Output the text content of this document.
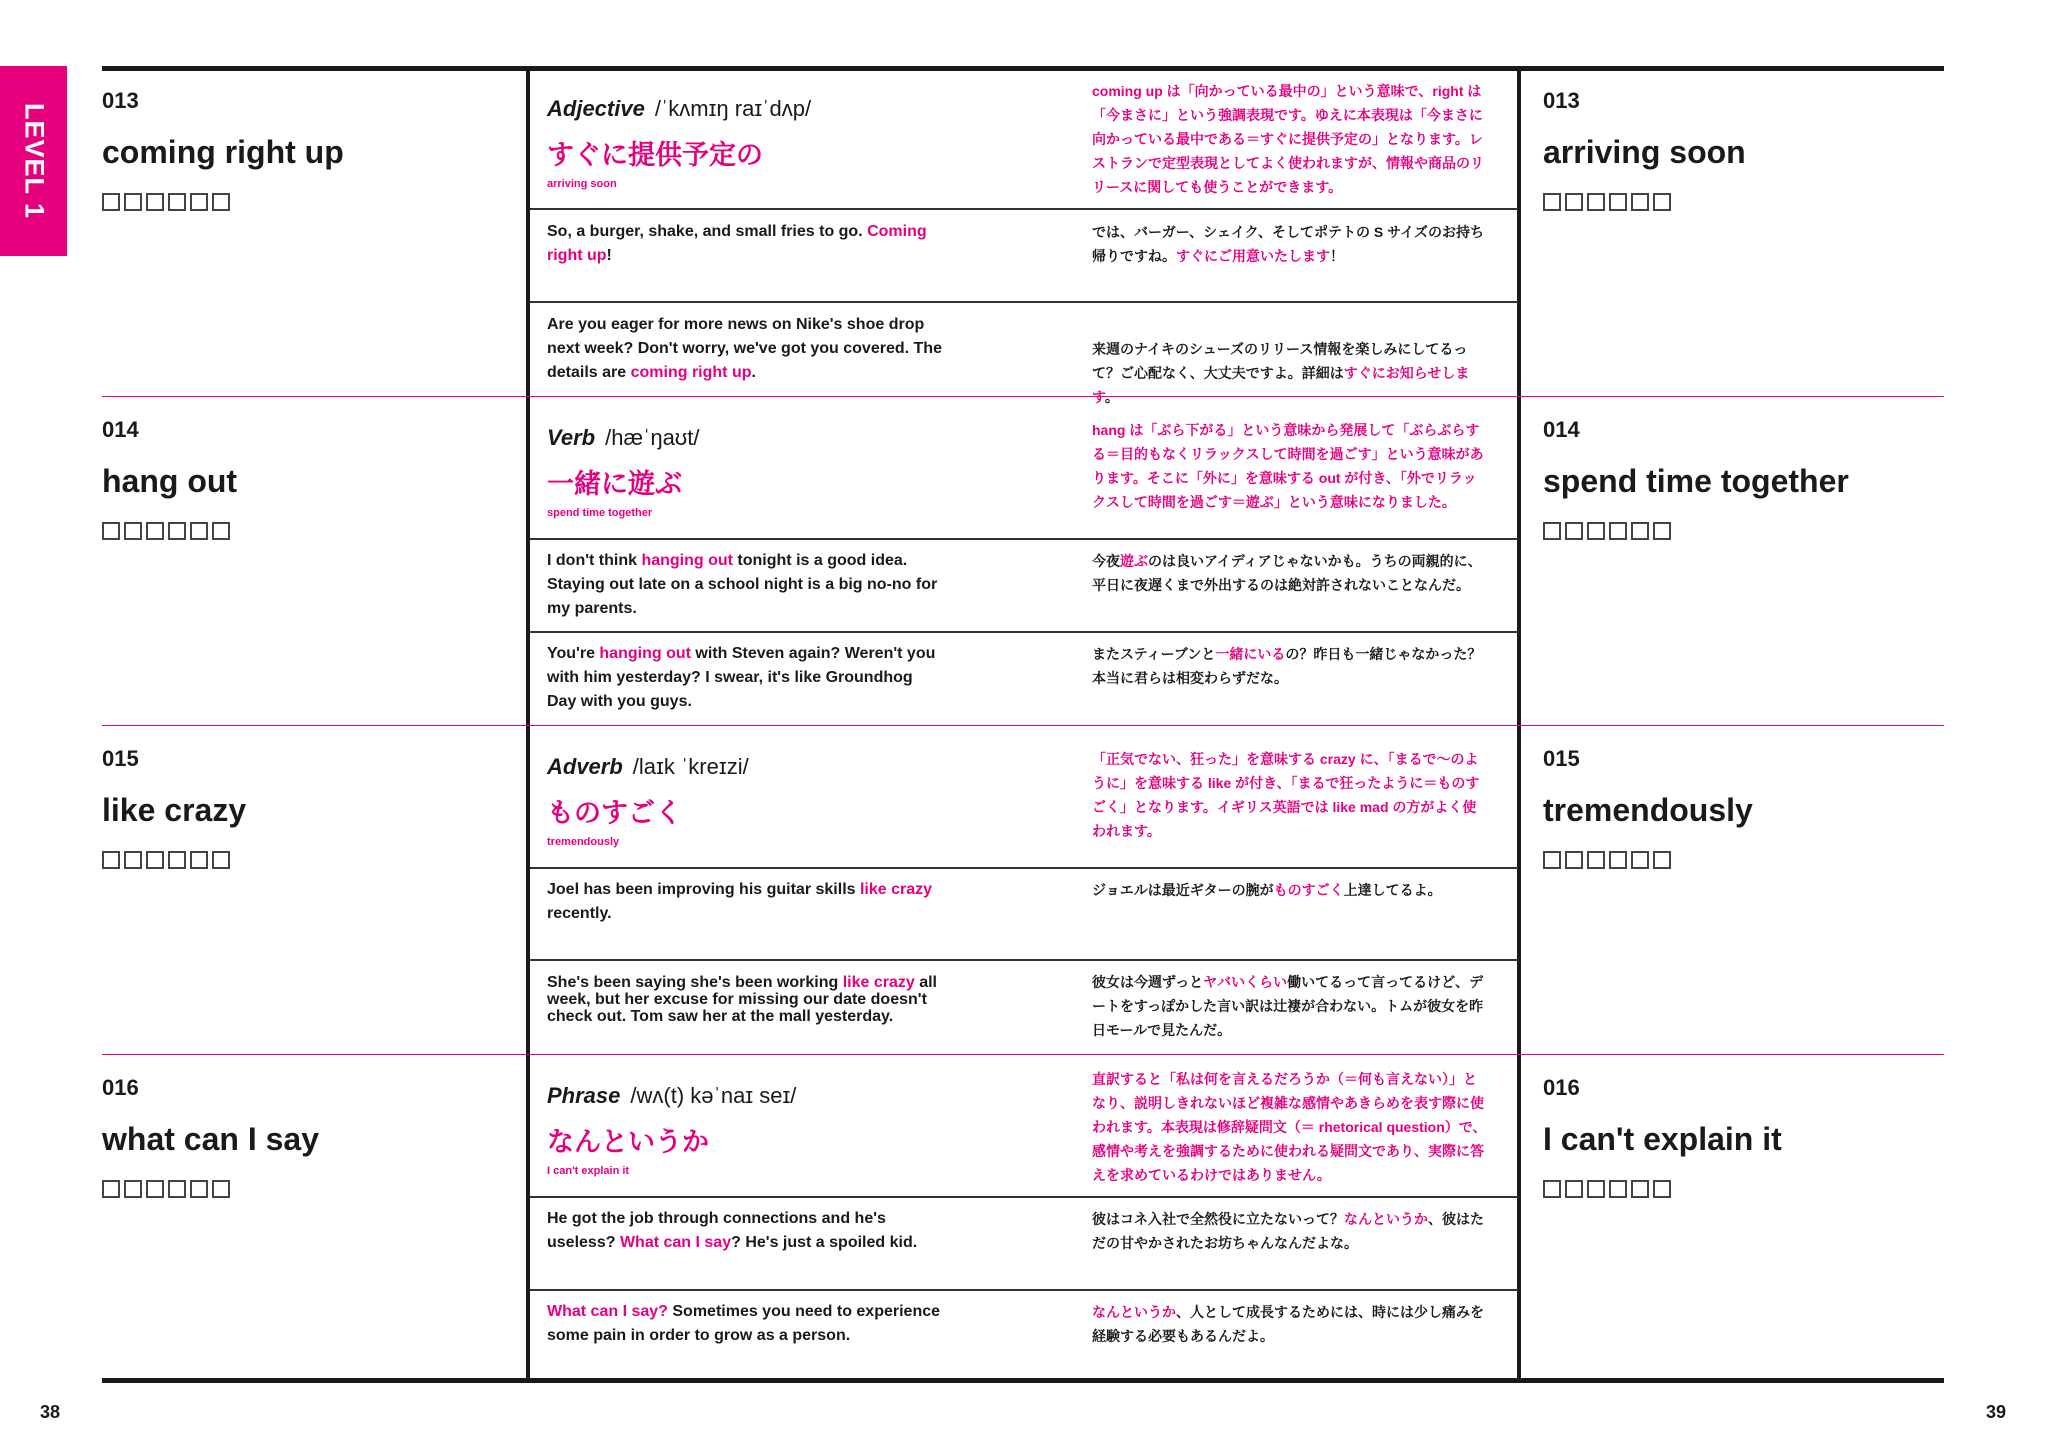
LEVEL 1
38	39
013
coming right up
013
arriving soon
Adjective /ˈkʌmɪŋ raɪˈdʌp/
すぐに提供予定の
arriving soon
coming up は「向かっている最中の」という意味で、right は「今まさに」という強調表現です。ゆえに本表現は「今まさに向かっている最中である＝すぐに提供予定の」となります。レストランで定型表現としてよく使われますが、情報や商品のリリースに関しても使うことができます。
So, a burger, shake, and small fries to go. Coming right up!
では、バーガー、シェイク、そしてポテトの S サイズのお持ち帰りですね。すぐにご用意いたします！
Are you eager for more news on Nike's shoe drop next week? Don't worry, we've got you covered. The details are coming right up.
来週のナイキのシューズのリリース情報を楽しみにしてるって？ご心配なく、大丈夫ですよ。詳細はすぐにお知らせします。
014
hang out
014
spend time together
Verb /hæˈŋaʊt/
一緒に遊ぶ
spend time together
hang は「ぶら下がる」という意味から発展して「ぶらぶらする＝目的もなくリラックスして時間を過ごす」という意味があります。そこに「外に」を意味する out が付き、「外でリラックスして時間を過ごす＝遊ぶ」という意味になりました。
I don't think hanging out tonight is a good idea. Staying out late on a school night is a big no-no for my parents.
今夜遊ぶのは良いアイディアじゃないかも。うちの両親的に、平日に夜遅くまで外出するのは絶対許されないことなんだ。
You're hanging out with Steven again? Weren't you with him yesterday? I swear, it's like Groundhog Day with you guys.
またスティーブンと一緒にいるの？昨日も一緒じゃなかった？本当に君らは相変わらずだな。
015
like crazy
015
tremendously
Adverb /laɪk ˈkreɪzi/
ものすごく
tremendously
「正気でない、狂った」を意味する crazy に、「まるで〜のように」を意味する like が付き、「まるで狂ったように＝ものすごく」となります。イギリス英語では like mad の方がよく使われます。
Joel has been improving his guitar skills like crazy recently.
ジョエルは最近ギターの腕がものすごく上達してるよ。
She's been saying she's been working like crazy all week, but her excuse for missing our date doesn't check out. Tom saw her at the mall yesterday.
彼女は今週ずっとヤバいくらい働いてるって言ってるけど、デートをすっぽかした言い訳は辻褄が合わない。トムが彼女を昨日モールで見たんだ。
016
what can I say
016
I can't explain it
Phrase /wʌ(t) kəˈnaɪ seɪ/
なんというか
I can't explain it
直訳すると「私は何を言えるだろうか（＝何も言えない）」となり、説明しきれないほど複雑な感情やあきらめを表す際に使われます。本表現は修辞疑問文（＝ rhetorical question）で、感情や考えを強調するために使われる疑問文であり、実際に答えを求めているわけではありません。
He got the job through connections and he's useless? What can I say? He's just a spoiled kid.
彼はコネ入社で全然役に立たないって？なんというか、彼はただの甘やかされたお坊ちゃんなんだよな。
What can I say? Sometimes you need to experience some pain in order to grow as a person.
なんというか、人として成長するためには、時には少し痛みを経験する必要もあるんだよ。
